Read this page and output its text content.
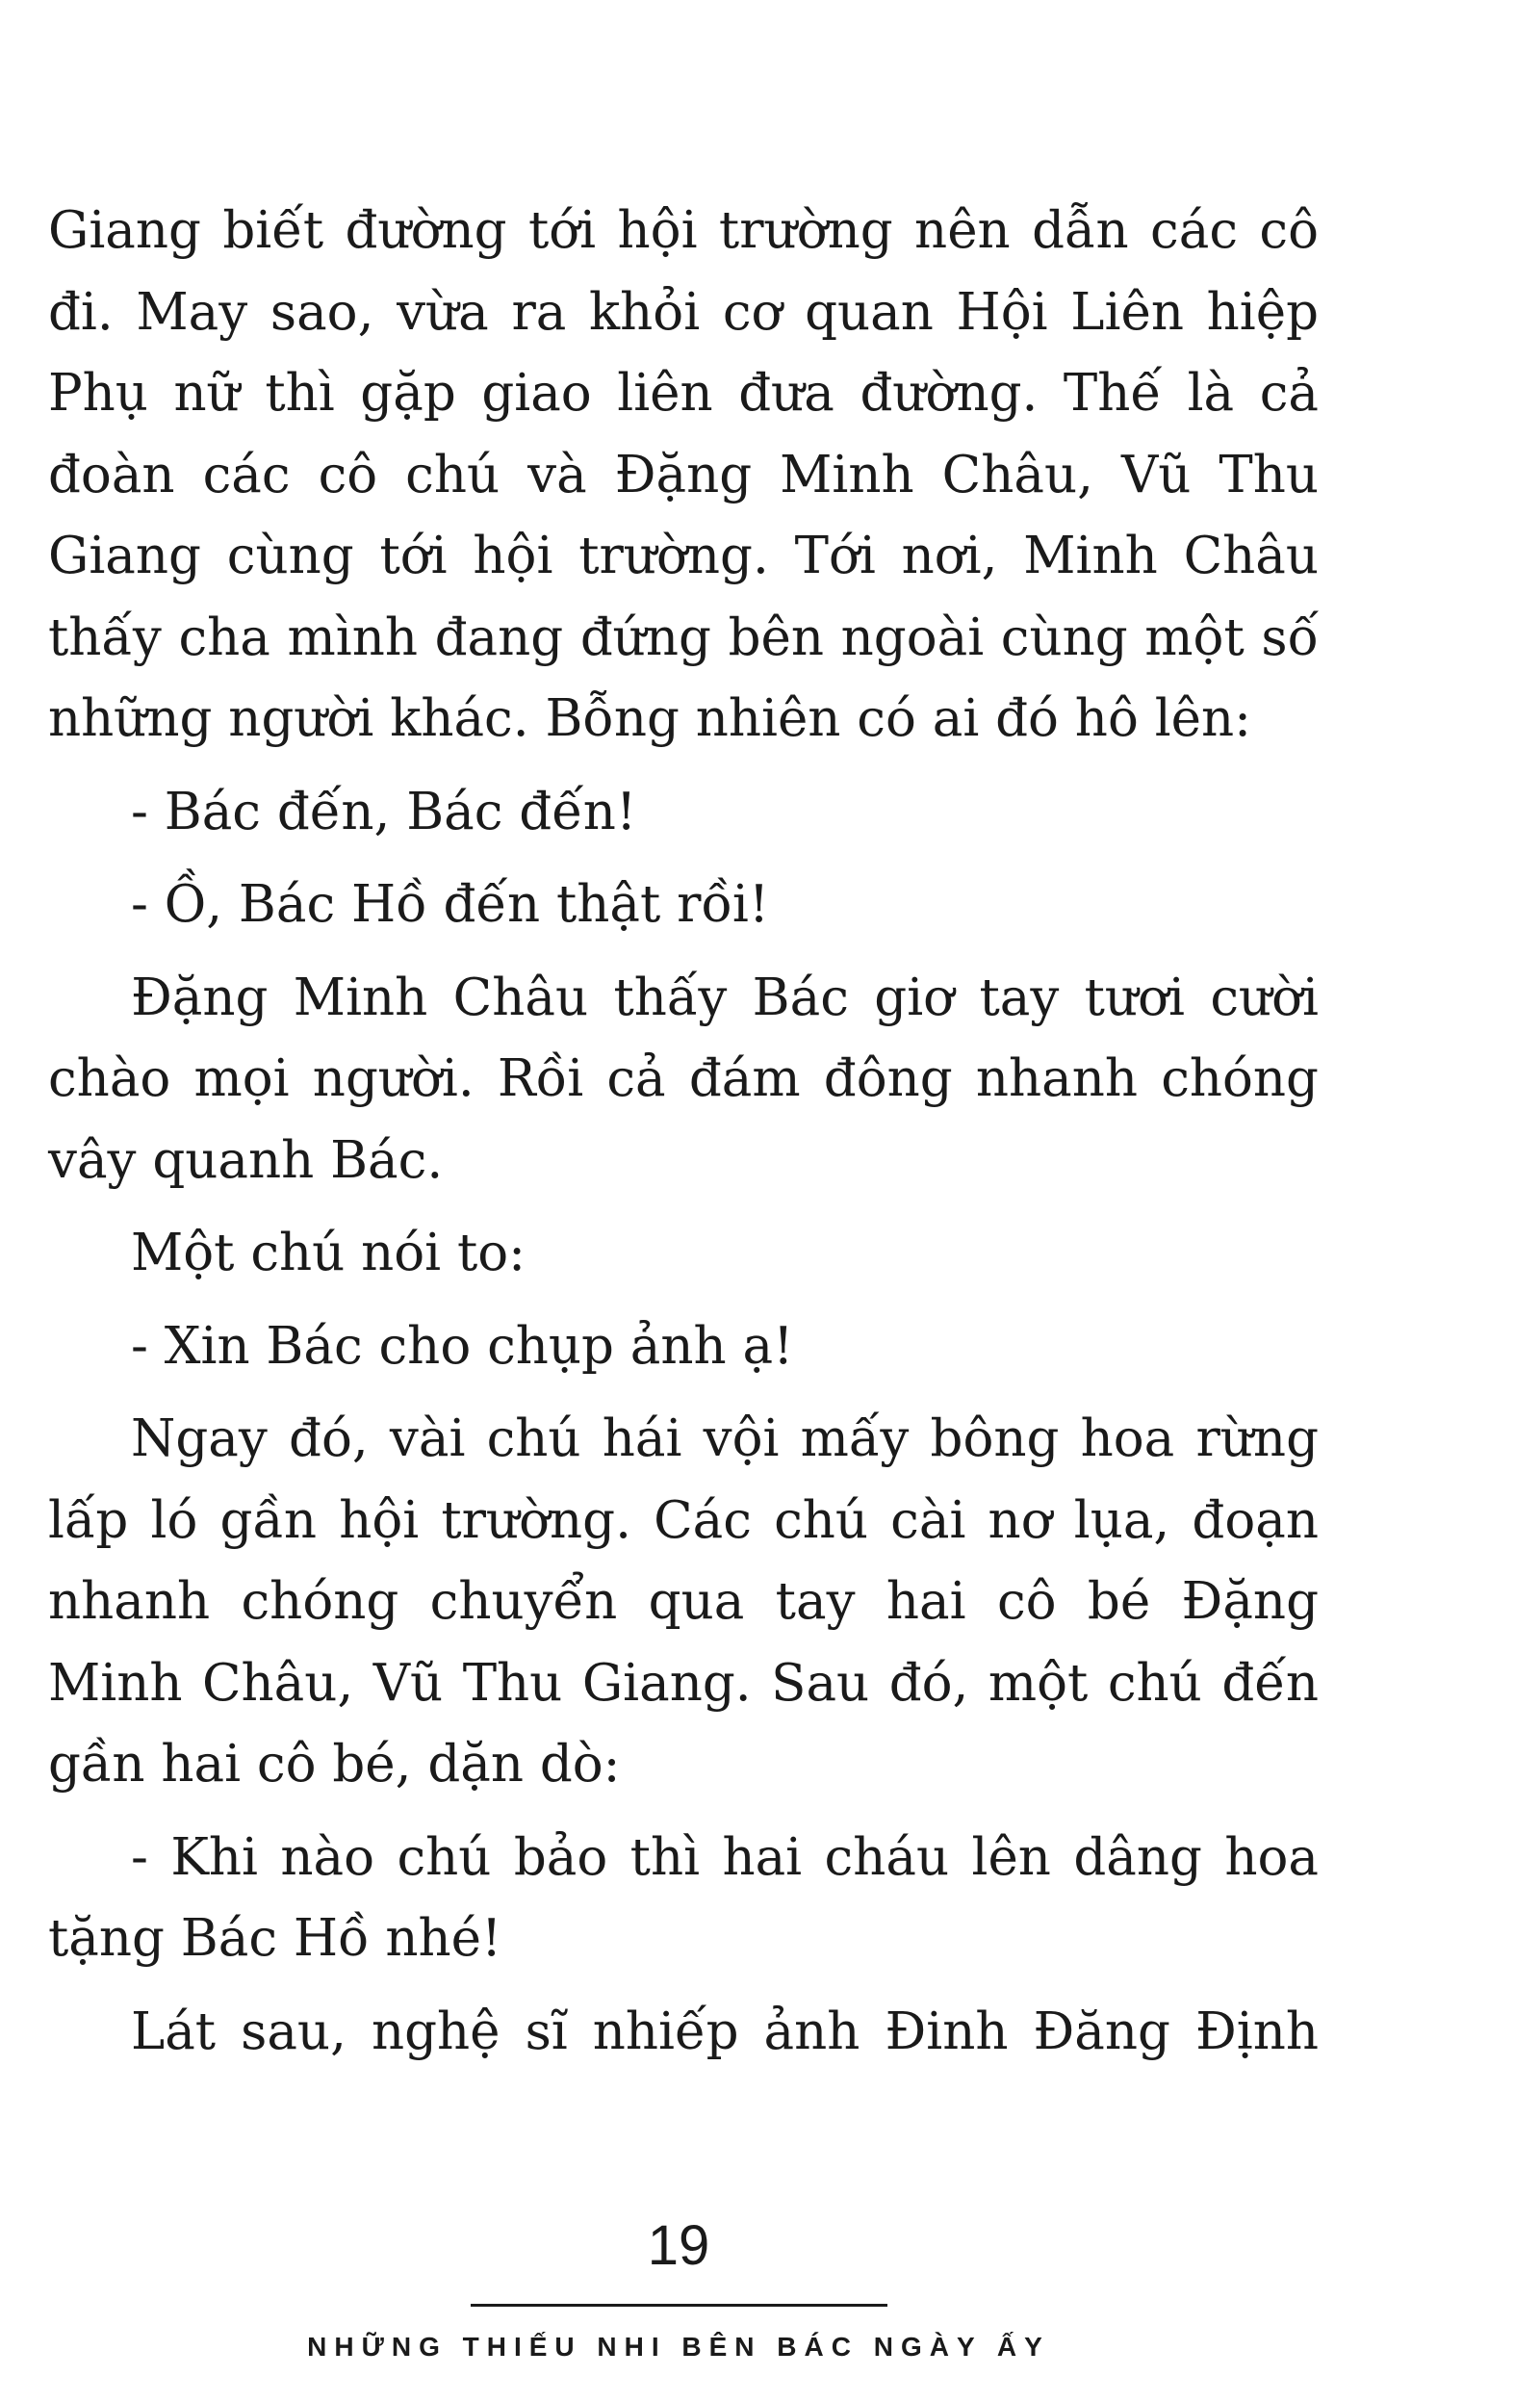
Giang biết đường tới hội trường nên dẫn các cô đi. May sao, vừa ra khỏi cơ quan Hội Liên hiệp Phụ nữ thì gặp giao liên đưa đường. Thế là cả đoàn các cô chú và Đặng Minh Châu, Vũ Thu Giang cùng tới hội trường. Tới nơi, Minh Châu thấy cha mình đang đứng bên ngoài cùng một số những người khác. Bỗng nhiên có ai đó hô lên:

- Bác đến, Bác đến!

- Ồ, Bác Hồ đến thật rồi!

Đặng Minh Châu thấy Bác giơ tay tươi cười chào mọi người. Rồi cả đám đông nhanh chóng vây quanh Bác.

Một chú nói to:

- Xin Bác cho chụp ảnh ạ!

Ngay đó, vài chú hái vội mấy bông hoa rừng lấp ló gần hội trường. Các chú cài nơ lụa, đoạn nhanh chóng chuyển qua tay hai cô bé Đặng Minh Châu, Vũ Thu Giang. Sau đó, một chú đến gần hai cô bé, dặn dò:

- Khi nào chú bảo thì hai cháu lên dâng hoa tặng Bác Hồ nhé!

Lát sau, nghệ sĩ nhiếp ảnh Đinh Đăng Định

19
NHỮNG THIẾU NHI BÊN BÁC NGÀY ẤY
